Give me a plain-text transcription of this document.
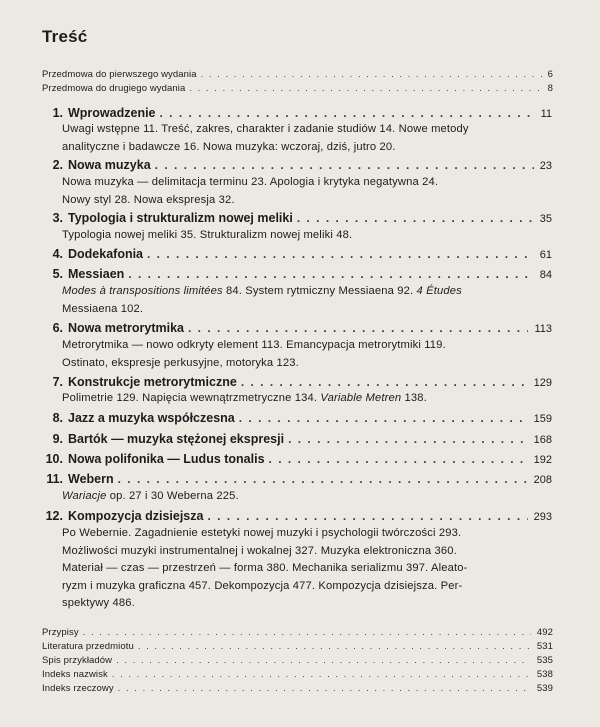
Treść
Przedmowa do pierwszego wydania . . .	6
Przedmowa do drugiego wydania . . .	8
1. Wprowadzenie . . .	11
Uwagi wstępne 11. Treść, zakres, charakter i zadanie studiów 14. Nowe metody
analityczne i badawcze 16. Nowa muzyka: wczoraj, dziś, jutro 20.
2. Nowa muzyka . . .	23
Nowa muzyka — delimitacja terminu 23. Apologia i krytyka negatywna 24.
Nowy styl 28. Nowa ekspresja 32.
3. Typologia i strukturalizm nowej meliki . . .	35
Typologia nowej meliki 35. Strukturalizm nowej meliki 48.
4. Dodekafonia . . .	61
5. Messiaen . . .	84
Modes à transpositions limitées 84. System rytmiczny Messiaena 92. 4 Études
Messiaena 102.
6. Nowa metrorytmika . . .	113
Metrorytmika — nowo odkryty element 113. Emancypacja metrorytmiki 119.
Ostinato, ekspresje perkusyjne, motoryka 123.
7. Konstrukcje metrorytmiczne . . .	129
Polimetrie 129. Napięcia wewnątrzmetryczne 134. Variable Metren 138.
8. Jazz a muzyka współczesna . . .	159
9. Bartók — muzyka stężonej ekspresji . . .	168
10. Nowa polifonika — Ludus tonalis . . .	192
11. Webern . . .	208
Wariacje op. 27 i 30 Weberna 225.
12. Kompozycja dzisiejsza . . .	293
Po Webernie. Zagadnienie estetyki nowej muzyki i psychologii twórczości 293.
Możliwości muzyki instrumentalnej i wokalnej 327. Muzyka elektroniczna 360.
Materiał — czas — przestrzeń — forma 380. Mechanika serializmu 397. Aleato-
ryzm i muzyka graficzna 457. Dekompozycja 477. Kompozycja dzisiejsza. Per-
spektywy 486.
Przypisy . . .	492
Literatura przedmiotu . . .	531
Spis przykładów . . .	535
Indeks nazwisk . . .	538
Indeks rzeczowy . . .	539
